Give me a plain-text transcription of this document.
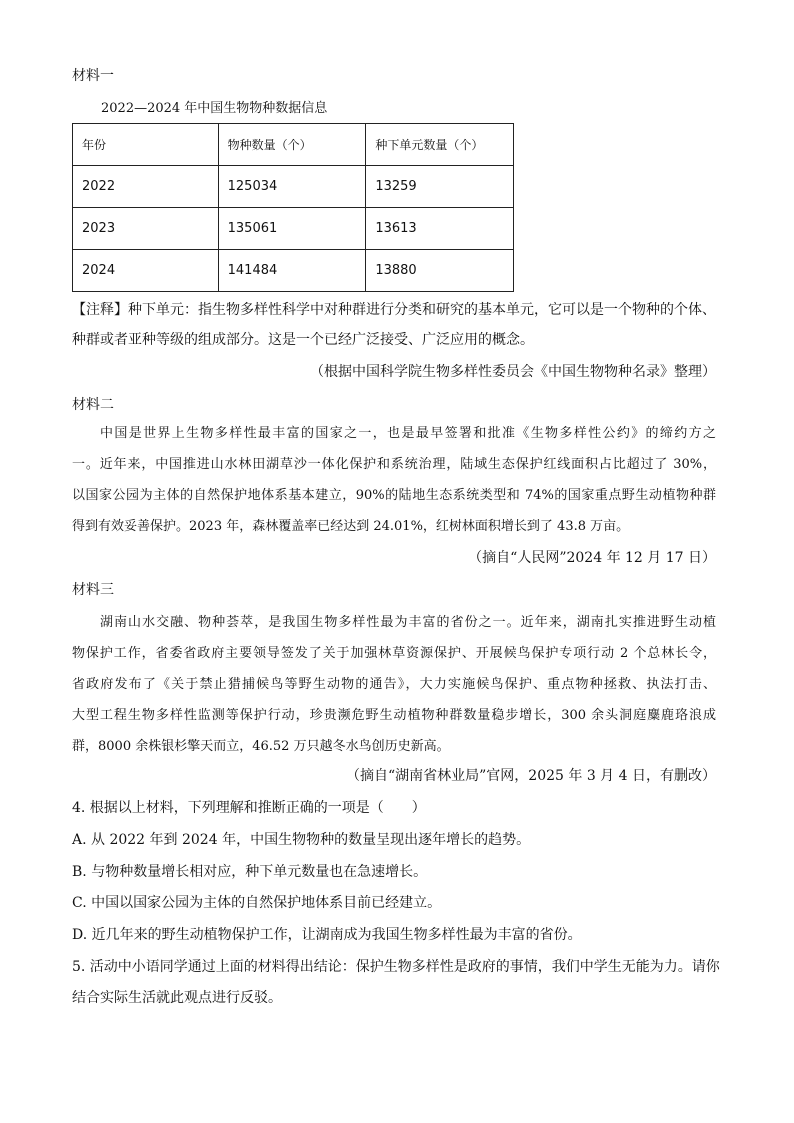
材料一
2022—2024 年中国生物物种数据信息
年份	物种数量（个）	种下单元数量（个）
2022	125034	13259
2023	135061	13613
2024	141484	13880
【注释】种下单元：指生物多样性科学中对种群进行分类和研究的基本单元，它可以是一个物种的个体、
种群或者亚种等级的组成部分。这是一个已经广泛接受、广泛应用的概念。
（根据中国科学院生物多样性委员会《中国生物物种名录》整理）
材料二
中国是世界上生物多样性最丰富的国家之一，也是最早签署和批准《生物多样性公约》的缔约方之
一。近年来，中国推进山水林田湖草沙一体化保护和系统治理，陆域生态保护红线面积占比超过了 30%，
以国家公园为主体的自然保护地体系基本建立，90%的陆地生态系统类型和 74%的国家重点野生动植物种群
得到有效妥善保护。2023 年，森林覆盖率已经达到 24.01%，红树林面积增长到了 43.8 万亩。
（摘自“人民网”2024 年 12 月 17 日）
材料三
湖南山水交融、物种荟萃，是我国生物多样性最为丰富的省份之一。近年来，湖南扎实推进野生动植
物保护工作，省委省政府主要领导签发了关于加强林草资源保护、开展候鸟保护专项行动 2 个总林长令，
省政府发布了《关于禁止猎捕候鸟等野生动物的通告》，大力实施候鸟保护、重点物种拯救、执法打击、
大型工程生物多样性监测等保护行动，珍贵濒危野生动植物种群数量稳步增长，300 余头洞庭麋鹿珞浪成
群，8000 余株银杉擎天而立，46.52 万只越冬水鸟创历史新高。
（摘自“湖南省林业局”官网，2025 年 3 月 4 日，有删改）
4. 根据以上材料，下列理解和推断正确的一项是（　　）
A. 从 2022 年到 2024 年，中国生物物种的数量呈现出逐年增长的趋势。
B. 与物种数量增长相对应，种下单元数量也在急速增长。
C. 中国以国家公园为主体的自然保护地体系目前已经建立。
D. 近几年来的野生动植物保护工作，让湖南成为我国生物多样性最为丰富的省份。
5. 活动中小语同学通过上面的材料得出结论：保护生物多样性是政府的事情，我们中学生无能为力。请你
结合实际生活就此观点进行反驳。
